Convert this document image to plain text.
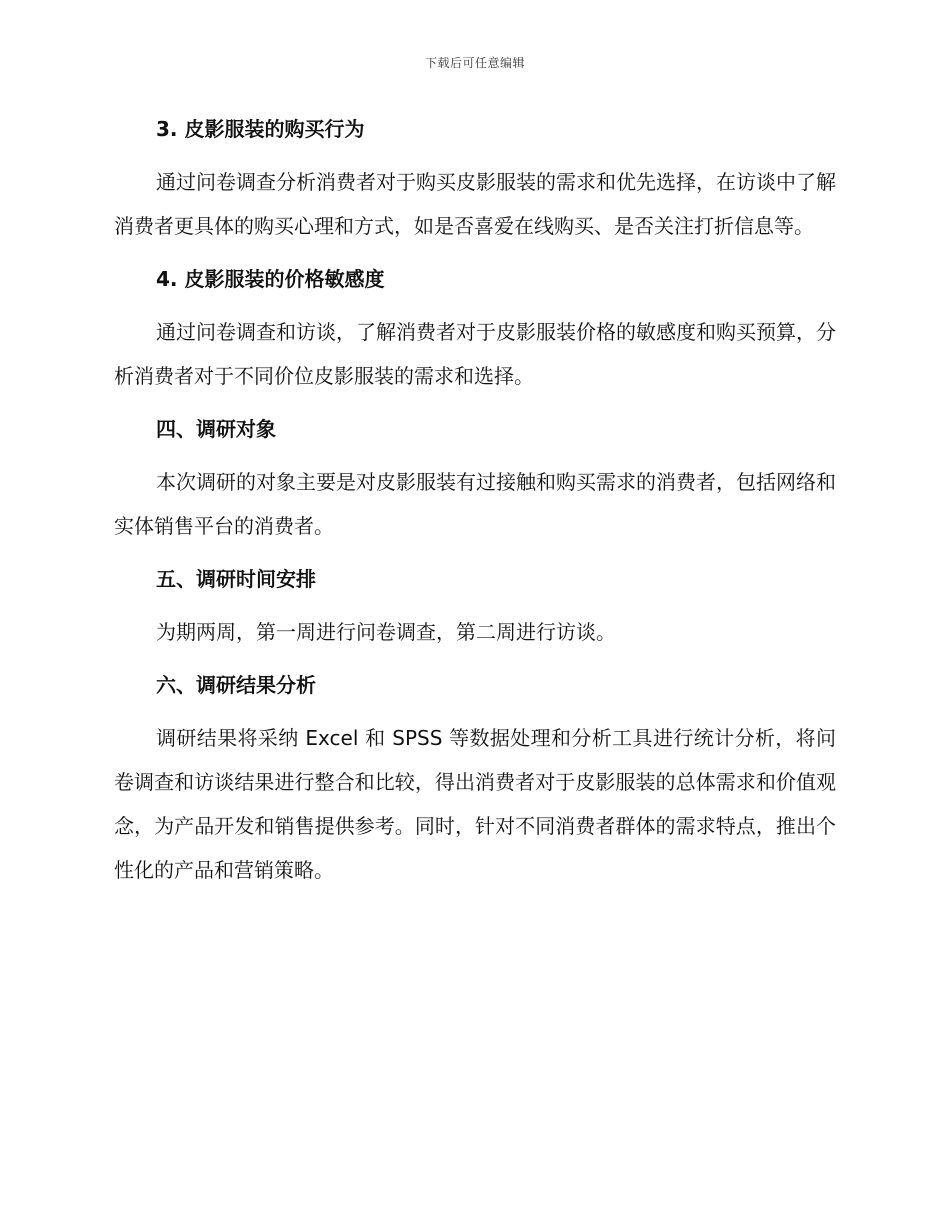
下载后可任意编辑
3. 皮影服装的购买行为

通过问卷调查分析消费者对于购买皮影服装的需求和优先选择，在访谈中了解消费者更具体的购买心理和方式，如是否喜爱在线购买、是否关注打折信息等。

4. 皮影服装的价格敏感度

通过问卷调查和访谈，了解消费者对于皮影服装价格的敏感度和购买预算，分析消费者对于不同价位皮影服装的需求和选择。

四、调研对象

本次调研的对象主要是对皮影服装有过接触和购买需求的消费者，包括网络和实体销售平台的消费者。

五、调研时间安排

为期两周，第一周进行问卷调查，第二周进行访谈。

六、调研结果分析

调研结果将采纳 Excel 和 SPSS 等数据处理和分析工具进行统计分析，将问卷调查和访谈结果进行整合和比较，得出消费者对于皮影服装的总体需求和价值观念，为产品开发和销售提供参考。同时，针对不同消费者群体的需求特点，推出个性化的产品和营销策略。
